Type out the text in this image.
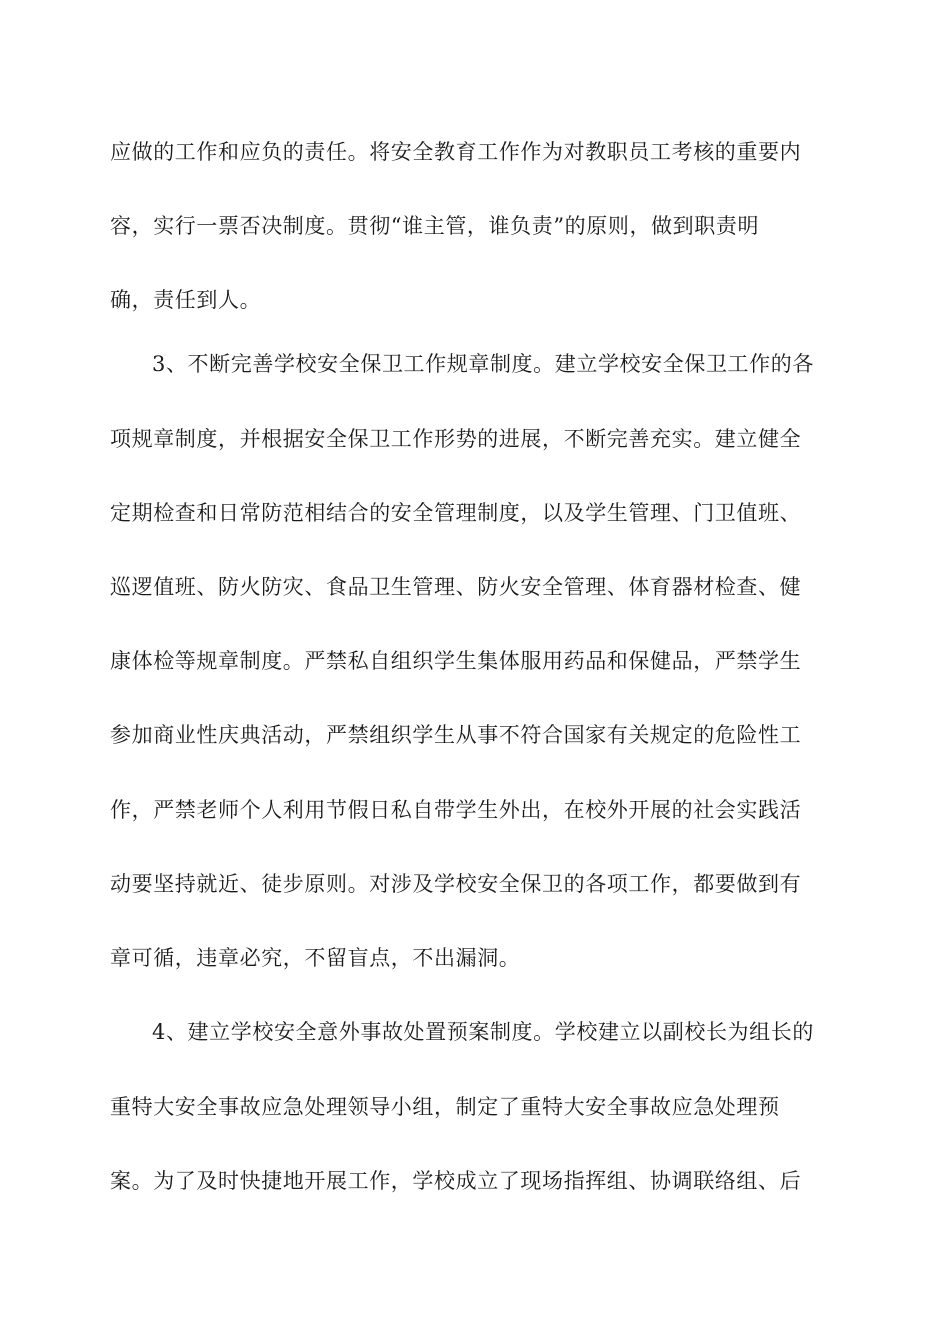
应做的工作和应负的责任。将安全教育工作作为对教职员工考核的重要内

容，实行一票否决制度。贯彻“谁主管，谁负责”的原则，做到职责明

确，责任到人。

3、不断完善学校安全保卫工作规章制度。建立学校安全保卫工作的各

项规章制度，并根据安全保卫工作形势的进展，不断完善充实。建立健全

定期检查和日常防范相结合的安全管理制度，以及学生管理、门卫值班、

巡逻值班、防火防灾、食品卫生管理、防火安全管理、体育器材检查、健

康体检等规章制度。严禁私自组织学生集体服用药品和保健品，严禁学生

参加商业性庆典活动，严禁组织学生从事不符合国家有关规定的危险性工

作，严禁老师个人利用节假日私自带学生外出，在校外开展的社会实践活

动要坚持就近、徒步原则。对涉及学校安全保卫的各项工作，都要做到有

章可循，违章必究，不留盲点，不出漏洞。

4、建立学校安全意外事故处置预案制度。学校建立以副校长为组长的

重特大安全事故应急处理领导小组，制定了重特大安全事故应急处理预

案。为了及时快捷地开展工作，学校成立了现场指挥组、协调联络组、后
